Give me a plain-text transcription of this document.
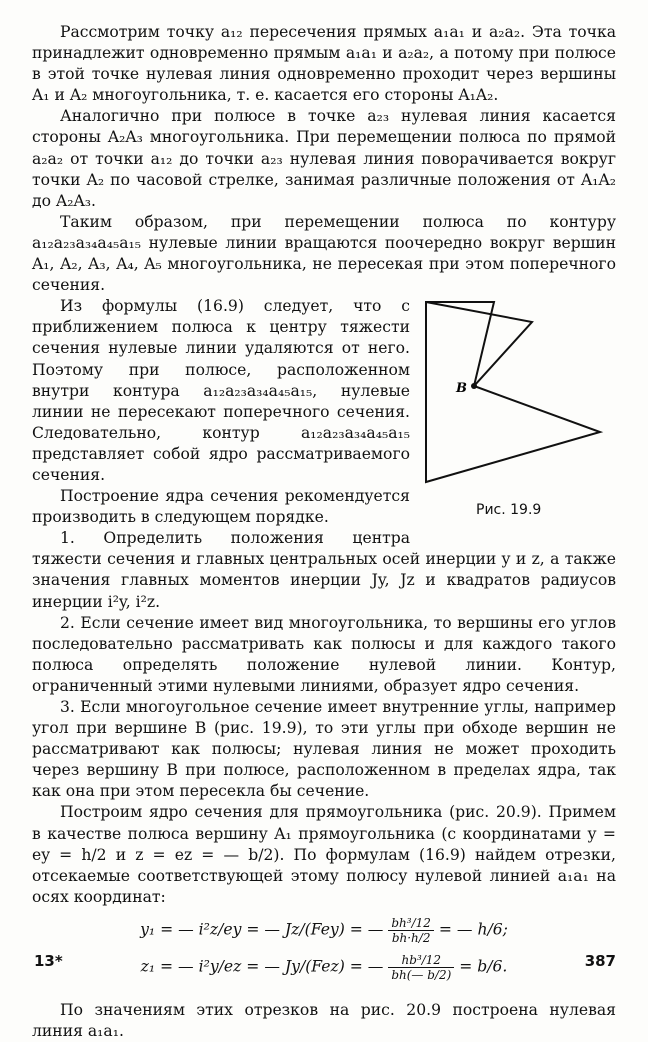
Рассмотрим точку a₁₂ пересечения прямых a₁a₁ и a₂a₂. Эта точка принадлежит одновременно прямым a₁a₁ и a₂a₂, а потому при полюсе в этой точке нулевая линия одновременно проходит через вершины A₁ и A₂ многоугольника, т. е. касается его стороны A₁A₂.

Аналогично при полюсе в точке a₂₃ нулевая линия касается стороны A₂A₃ многоугольника. При перемещении полюса по прямой a₂a₂ от точки a₁₂ до точки a₂₃ нулевая линия поворачивается вокруг точки A₂ по часовой стрелке, занимая различные положения от A₁A₂ до A₂A₃.

Таким образом, при перемещении полюса по контуру a₁₂a₂₃a₃₄a₄₅a₁₅ нулевые линии вращаются поочередно вокруг вершин A₁, A₂, A₃, A₄, A₅ многоугольника, не пересекая при этом поперечного сечения.

B
Рис. 19.9

Из формулы (16.9) следует, что с приближением полюса к центру тяжести сечения нулевые линии удаляются от него. Поэтому при полюсе, расположенном внутри контура a₁₂a₂₃a₃₄a₄₅a₁₅, нулевые линии не пересекают поперечного сечения. Следовательно, контур a₁₂a₂₃a₃₄a₄₅a₁₅ представляет собой ядро рассматриваемого сечения.

Построение ядра сечения рекомендуется производить в следующем порядке.

1. Определить положения центра тяжести сечения и главных центральных осей инерции y и z, а также значения главных моментов инерции Jy, Jz и квадратов радиусов инерции i²y, i²z.

2. Если сечение имеет вид многоугольника, то вершины его углов последовательно рассматривать как полюсы и для каждого такого полюса определять положение нулевой линии. Контур, ограниченный этими нулевыми линиями, образует ядро сечения.

3. Если многоугольное сечение имеет внутренние углы, например угол при вершине B (рис. 19.9), то эти углы при обходе вершин не рассматривают как полюсы; нулевая линия не может проходить через вершину B при полюсе, расположенном в пределах ядра, так как она при этом пересекла бы сечение.

Построим ядро сечения для прямоугольника (рис. 20.9). Примем в качестве полюса вершину A₁ прямоугольника (с координатами y = ey = h/2 и z = ez = — b/2). По формулам (16.9) найдем отрезки, отсекаемые соответствующей этому полюсу нулевой линией a₁a₁ на осях координат:

y₁ = — i²z/ey = — Jz/(Fey) = — $\frac{\text{bh³/12}}{bh\cdot h/2}$ = — h/6;
z₁ = — i²y/ez = — Jy/(Fez) = — $\frac{\text{hb³/12}}{bh(— b/2)} = b/6$.

По значениям этих отрезков на рис. 20.9 построена нулевая линия a₁a₁.

13*	387
